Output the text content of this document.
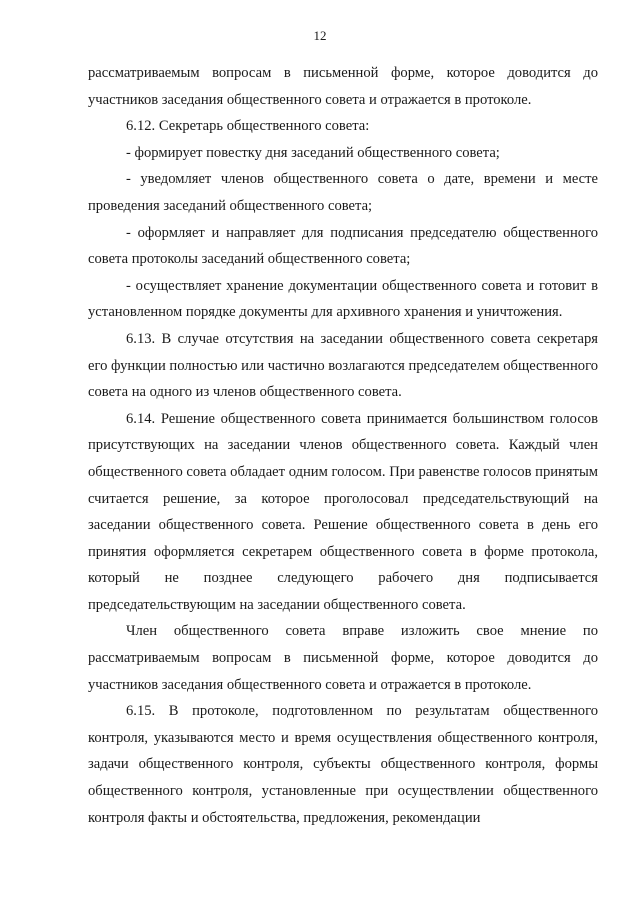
12

рассматриваемым вопросам в письменной форме, которое доводится до участников заседания общественного совета и отражается в протоколе.

6.12. Секретарь общественного совета:

- формирует повестку дня заседаний общественного совета;

- уведомляет членов общественного совета о дате, времени и месте проведения заседаний общественного совета;

- оформляет и направляет для подписания председателю общественного совета протоколы заседаний общественного совета;

- осуществляет хранение документации общественного совета и готовит в установленном порядке документы для архивного хранения и уничтожения.

6.13. В случае отсутствия на заседании общественного совета секретаря его функции полностью или частично возлагаются председателем общественного совета на одного из членов общественного совета.

6.14. Решение общественного совета принимается большинством голосов присутствующих на заседании членов общественного совета. Каждый член общественного совета обладает одним голосом. При равенстве голосов принятым считается решение, за которое проголосовал председательствующий на заседании общественного совета. Решение общественного совета в день его принятия оформляется секретарем общественного совета в форме протокола, который не позднее следующего рабочего дня подписывается председательствующим на заседании общественного совета.

Член общественного совета вправе изложить свое мнение по рассматриваемым вопросам в письменной форме, которое доводится до участников заседания общественного совета и отражается в протоколе.

6.15. В протоколе, подготовленном по результатам общественного контроля, указываются место и время осуществления общественного контроля, задачи общественного контроля, субъекты общественного контроля, формы общественного контроля, установленные при осуществлении общественного контроля факты и обстоятельства, предложения, рекомендации
